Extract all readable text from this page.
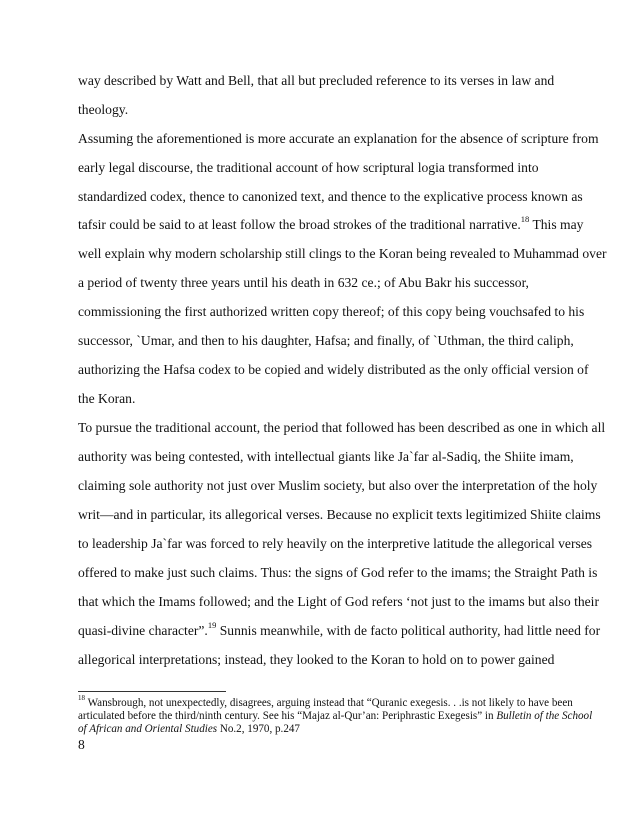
way described by Watt and Bell, that all but precluded reference to its verses in law and
theology.
Assuming the aforementioned is more accurate an explanation for the absence of scripture from
early legal discourse, the traditional account of how scriptural logia transformed into
standardized codex, thence to canonized text, and thence to the explicative process known as
tafsir could be said to at least follow the broad strokes of the traditional narrative.$^{18}$ This may
well explain why modern scholarship still clings to the Koran being revealed to Muhammad over
a period of twenty three years until his death in 632 ce.; of Abu Bakr his successor,
commissioning the first authorized written copy thereof; of this copy being vouchsafed to his
successor, `Umar, and then to his daughter, Hafsa; and finally, of `Uthman, the third caliph,
authorizing the Hafsa codex to be copied and widely distributed as the only official version of
the Koran.
To pursue the traditional account, the period that followed has been described as one in which all
authority was being contested, with intellectual giants like Ja`far al-Sadiq, the Shiite imam,
claiming sole authority not just over Muslim society, but also over the interpretation of the holy
writ—and in particular, its allegorical verses. Because no explicit texts legitimized Shiite claims
to leadership Ja`far was forced to rely heavily on the interpretive latitude the allegorical verses
offered to make just such claims. Thus: the signs of God refer to the imams; the Straight Path is
that which the Imams followed; and the Light of God refers ‘not just to the imams but also their
quasi-divine character”.$^{19}$ Sunnis meanwhile, with de facto political authority, had little need for
allegorical interpretations; instead, they looked to the Koran to hold on to power gained
$^{18}$ Wansbrough, not unexpectedly, disagrees, arguing instead that “Quranic exegesis. . .is not likely to have been
articulated before the third/ninth century. See his “Majaz al-Qur’an: Periphrastic Exegesis” in Bulletin of the School
of African and Oriental Studies No.2, 1970, p.247
8
